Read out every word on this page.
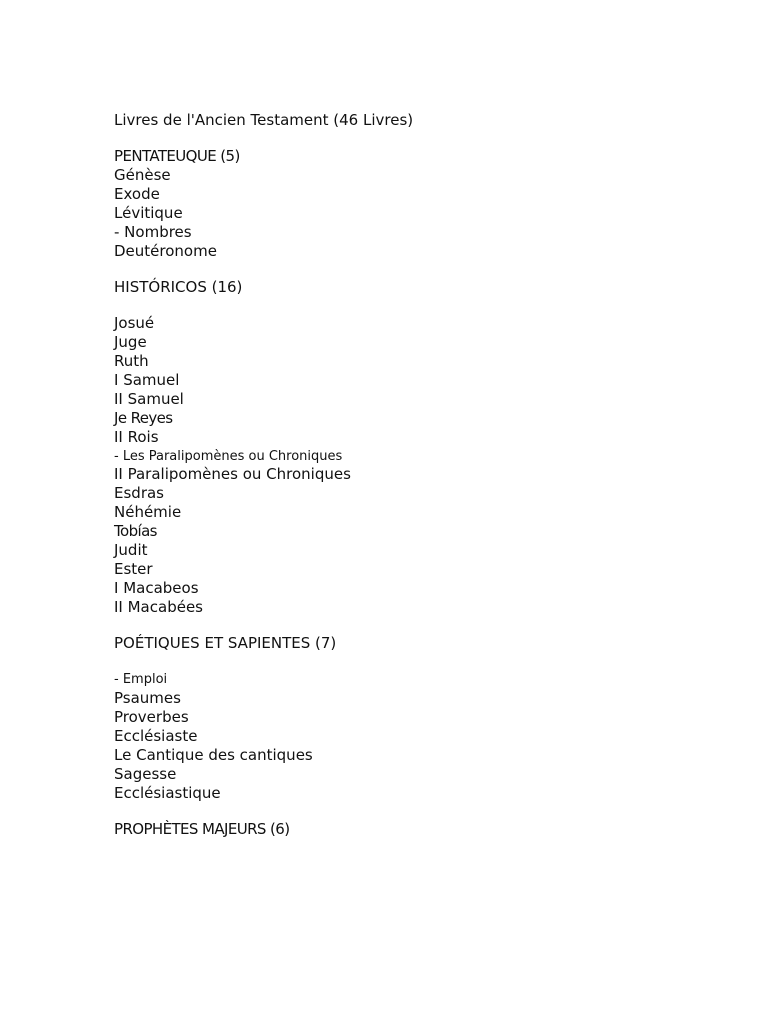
Livres de l'Ancien Testament (46 Livres)
PENTATEUQUE (5)
Génèse
Exode
Lévitique
- Nombres
Deutéronome
HISTÓRICOS (16)
Josué
Juge
Ruth
I Samuel
II Samuel
Je Reyes
II Rois
- Les Paralipomènes ou Chroniques
II Paralipomènes ou Chroniques
Esdras
Néhémie
Tobías
Judit
Ester
I Macabeos
II Macabées
POÉTIQUES ET SAPIENTES (7)
- Emploi
Psaumes
Proverbes
Ecclésiaste
Le Cantique des cantiques
Sagesse
Ecclésiastique
PROPHÈTES MAJEURS (6)
